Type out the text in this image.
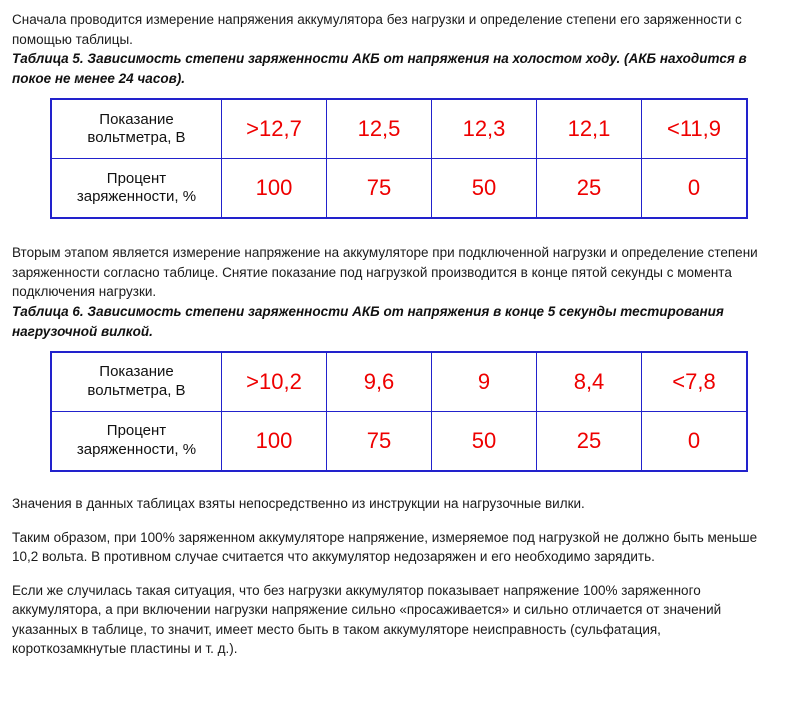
Сначала проводится измерение напряжения аккумулятора без нагрузки и определение степени его заряженности с помощью таблицы.

Таблица 5. Зависимость степени заряженности АКБ от напряжения на холостом ходу. (АКБ находится в покое не менее 24 часов).

Показание вольтметра, В	>12,7	12,5	12,3	12,1	<11,9
Процент заряженности, %	100	75	50	25	0

Вторым этапом является измерение напряжение на аккумуляторе при подключенной нагрузки и определение степени заряженности согласно таблице. Снятие показание под нагрузкой производится в конце пятой секунды с момента подключения нагрузки.

Таблица 6. Зависимость степени заряженности АКБ от напряжения в конце 5 секунды тестирования нагрузочной вилкой.

Показание вольтметра, В	>10,2	9,6	9	8,4	<7,8
Процент заряженности, %	100	75	50	25	0

Значения в данных таблицах взяты непосредственно из инструкции на нагрузочные вилки.

Таким образом, при 100% заряженном аккумуляторе напряжение, измеряемое под нагрузкой не должно быть меньше 10,2 вольта. В противном случае считается что аккумулятор недозаряжен и его необходимо зарядить.

Если же случилась такая ситуация, что без нагрузки аккумулятор показывает напряжение 100% заряженного аккумулятора, а при включении нагрузки напряжение сильно «просаживается» и сильно отличается от значений указанных в таблице, то значит, имеет место быть в таком аккумуляторе неисправность (сульфатация, короткозамкнутые пластины и т. д.).
